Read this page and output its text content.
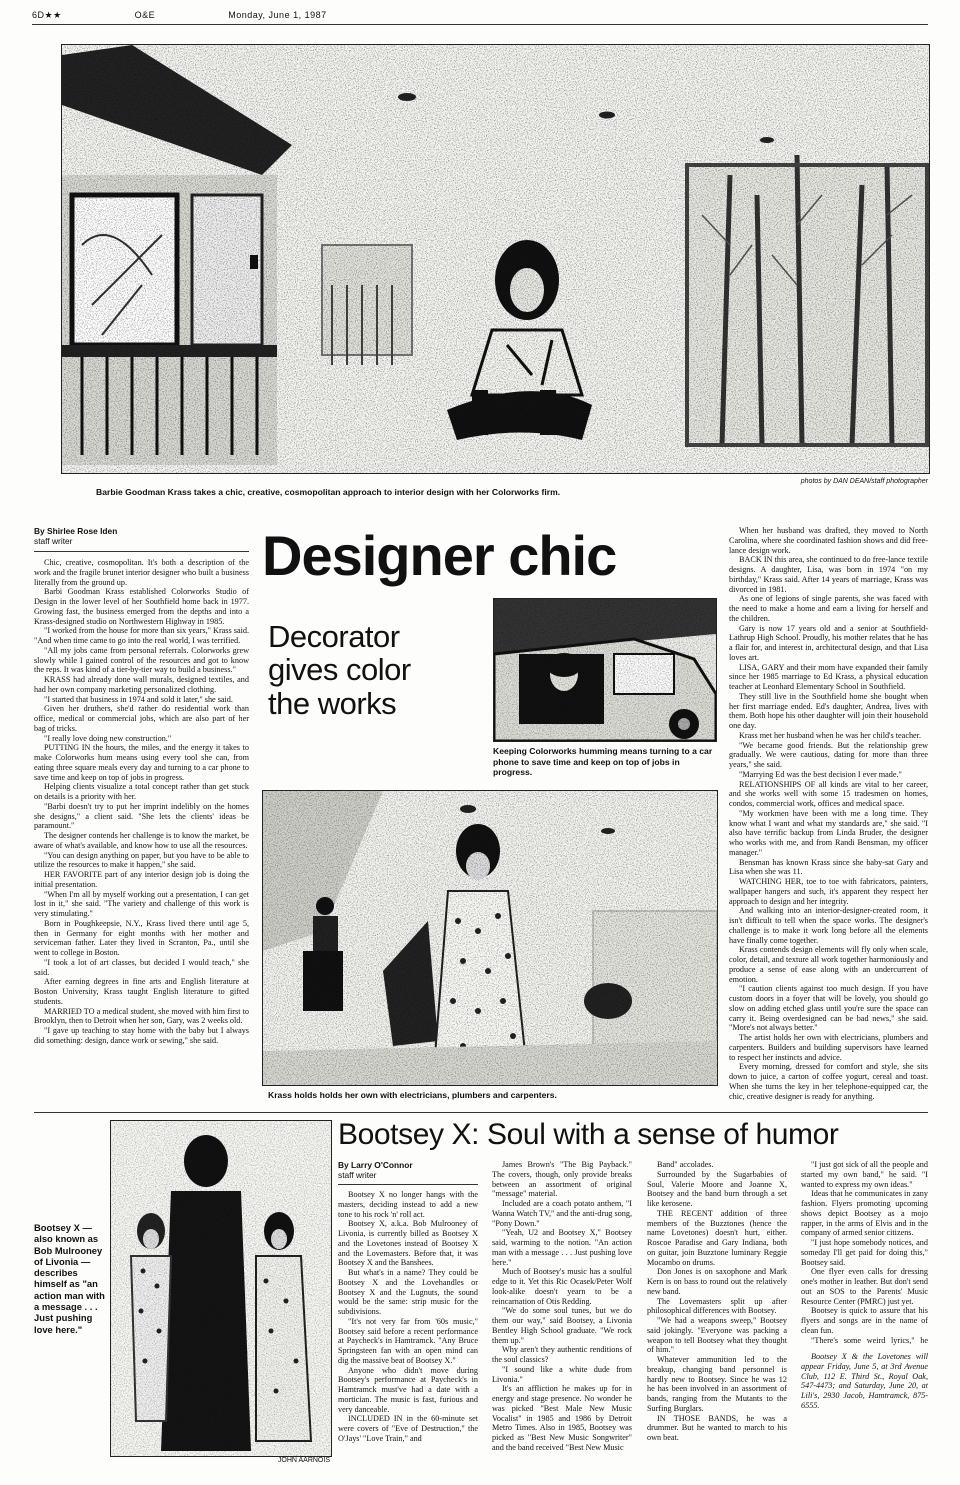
6D★★	O&E	Monday, June 1, 1987
photos by DAN DEAN/staff photographer
Barbie Goodman Krass takes a chic, creative, cosmopolitan approach to interior design with her Colorworks firm.
By Shirlee Rose Iden
staff writer

Chic, creative, cosmopolitan. It's both a description of the work and the fragile brunet interior designer who built a business literally from the ground up.

Barbi Goodman Krass established Colorworks Studio of Design in the lower level of her Southfield home back in 1977. Growing fast, the business emerged from the depths and into a Krass-designed studio on Northwestern Highway in 1985.

"I worked from the house for more than six years," Krass said. "And when time came to go into the real world, I was terrified.

"All my jobs came from personal referrals. Colorworks grew slowly while I gained control of the resources and got to know the reps. It was kind of a tier-by-tier way to build a business."

KRASS had already done wall murals, designed textiles, and had her own company marketing personalized clothing.

"I started that business in 1974 and sold it later," she said.

Given her druthers, she'd rather do residential work than office, medical or commercial jobs, which are also part of her bag of tricks.

"I really love doing new construction."

PUTTING IN the hours, the miles, and the energy it takes to make Colorworks hum means using every tool she can, from eating three square meals every day and turning to a car phone to save time and keep on top of jobs in progress.

Helping clients visualize a total concept rather than get stuck on details is a priority with her.

"Barbi doesn't try to put her imprint indelibly on the homes she designs," a client said. "She lets the clients' ideas be paramount."

The designer contends her challenge is to know the market, be aware of what's available, and know how to use all the resources.

"You can design anything on paper, but you have to be able to utilize the resources to make it happen," she said.

HER FAVORITE part of any interior design job is doing the initial presentation.

"When I'm all by myself working out a presentation, I can get lost in it," she said. "The variety and challenge of this work is very stimulating."

Born in Poughkeepsie, N.Y., Krass lived there until age 5, then in Germany for eight months with her mother and serviceman father. Later they lived in Scranton, Pa., until she went to college in Boston.

"I took a lot of art classes, but decided I would teach," she said.

After earning degrees in fine arts and English literature at Boston University, Krass taught English literature to gifted students.

MARRIED TO a medical student, she moved with him first to Brooklyn, then to Detroit when her son, Gary, was 2 weeks old.

"I gave up teaching to stay home with the baby but I always did something: design, dance work or sewing," she said.

Designer chic
Decorator
gives color
the works
Keeping Colorworks humming means turning to a car phone to save time and keep on top of jobs in progress.
Krass holds holds her own with electricians, plumbers and carpenters.

When her husband was drafted, they moved to North Carolina, where she coordinated fashion shows and did free-lance design work.

BACK IN this area, she continued to do free-lance textile designs. A daughter, Lisa, was born in 1974 "on my birthday," Krass said. After 14 years of marriage, Krass was divorced in 1981.

As one of legions of single parents, she was faced with the need to make a home and earn a living for herself and the children.

Gary is now 17 years old and a senior at Southfield-Lathrup High School. Proudly, his mother relates that he has a flair for, and interest in, architectural design, and that Lisa loves art.

LISA, GARY and their mom have expanded their family since her 1985 marriage to Ed Krass, a physical education teacher at Leonhard Elementary School in Southfield.

They still live in the Southfield home she bought when her first marriage ended. Ed's daughter, Andrea, lives with them. Both hope his other daughter will join their household one day.

Krass met her husband when he was her child's teacher.

"We became good friends. But the relationship grew gradually. We were cautious, dating for more than three years," she said.

"Marrying Ed was the best decision I ever made."

RELATIONSHIPS OF all kinds are vital to her career, and she works well with some 15 tradesmen on homes, condos, commercial work, offices and medical space.

"My workmen have been with me a long time. They know what I want and what my standards are," she said. "I also have terrific backup from Linda Bruder, the designer who works with me, and from Randi Bensman, my officer manager."

Bensman has known Krass since she baby-sat Gary and Lisa when she was 11.

WATCHING HER, toe to toe with fabricators, painters, wallpaper hangers and such, it's apparent they respect her approach to design and her integrity.

And walking into an interior-designer-created room, it isn't difficult to tell when the space works. The designer's challenge is to make it work long before all the elements have finally come together.

Krass contends design elements will fly only when scale, color, detail, and texture all work together harmoniously and produce a sense of ease along with an undercurrent of emotion.

"I caution clients against too much design. If you have custom doors in a foyer that will be lovely, you should go slow on adding etched glass until you're sure the space can carry it. Being overdesigned can be bad news," she said. "More's not always better."

The artist holds her own with electricians, plumbers and carpenters. Builders and building supervisors have learned to respect her instincts and advice.

Every morning, dressed for comfort and style, she sits down to juice, a carton of coffee yogurt, cereal and toast. When she turns the key in her telephone-equipped car, the chic, creative designer is ready for anything.

Bootsey X — also known as Bob Mulrooney of Livonia — describes himself as "an action man with a message . . . Just pushing love here."
JOHN AARNOIS
Bootsey X: Soul with a sense of humor
By Larry O'Connor
staff writer

Bootsey X no longer hangs with the masters, deciding instead to add a new tone to his rock 'n' roll act.

Bootsey X, a.k.a. Bob Mulrooney of Livonia, is currently billed as Bootsey X and the Lovetones instead of Bootsey X and the Lovemasters. Before that, it was Bootsey X and the Banshees.

But what's in a name? They could be Bootsey X and the Lovehandles or Bootsey X and the Lugnuts, the sound would be the same: strip music for the subdivisions.

"It's not very far from '60s music," Bootsey said before a recent performance at Paycheck's in Hamtramck. "Any Bruce Springsteen fan with an open mind can dig the massive beat of Bootsey X."

Anyone who didn't move during Bootsey's performance at Paycheck's in Hamtramck must've had a date with a mortician. The music is fast, furious and very danceable.

INCLUDED IN in the 60-minute set were covers of "Eve of Destruction," the O'Jays' "Love Train," and

James Brown's "The Big Payback." The covers, though, only provide breaks between an assortment of original "message" material.

Included are a coach potato anthem, "I Wanna Watch TV," and the anti-drug song, "Pony Down."

"Yeah, U2 and Bootsey X," Bootsey said, warming to the notion. "An action man with a message . . . Just pushing love here."

Much of Bootsey's music has a soulful edge to it. Yet this Ric Ocasek/Peter Wolf look-alike doesn't yearn to be a reincarnation of Otis Redding.

"We do some soul tunes, but we do them our way," said Bootsey, a Livonia Bentley High School graduate. "We rock them up."

Why aren't they authentic renditions of the soul classics?

"I sound like a white dude from Livonia."

It's an affliction he makes up for in energy and stage presence. No wonder he was picked "Best Male New Music Vocalist" in 1985 and 1986 by Detroit Metro Times. Also in 1985, Bootsey was picked as "Best New Music Songwriter" and the band received "Best New Music

Band" accolades.

Surrounded by the Sugarbabies of Soul, Valerie Moore and Joanne X, Bootsey and the band burn through a set like kerosene.

THE RECENT addition of three members of the Buzztones (hence the name Lovetones) doesn't hurt, either. Roscoe Paradise and Gary Indiana, both on guitar, join Buzztone luminary Reggie Mocambo on drums.

Don Jones is on saxophone and Mark Kern is on bass to round out the relatively new band.

The Lovemasters split up after philosophical differences with Bootsey.

"We had a weapons sweep," Bootsey said jokingly. "Everyone was packing a weapon to tell Bootsey what they thought of him."

Whatever ammunition led to the breakup, changing band personnel is hardly new to Bootsey. Since he was 12 he has been involved in an assortment of bands, ranging from the Mutants to the Surfing Burglars.

IN THOSE BANDS, he was a drummer. But he wanted to march to his own beat.

"I just got sick of all the people and started my own band," he said. "I wanted to express my own ideas."

Ideas that he communicates in zany fashion. Flyers promoting upcoming shows depict Bootsey as a mojo rapper, in the arms of Elvis and in the company of armed senior citizens.

"I just hope somebody notices, and someday I'll get paid for doing this," Bootsey said.

One flyer even calls for dressing one's mother in leather. But don't send out an SOS to the Parents' Music Resource Center (PMRC) just yet.

Bootsey is quick to assure that his flyers and songs are in the name of clean fun.

"There's some weird lyrics," he

Bootsey X & the Lovetones will appear Friday, June 5, at 3rd Avenue Club, 112 E. Third St., Royal Oak, 547-4473; and Saturday, June 20, at Lili's, 2930 Jacob, Hamtramck, 875-6555.
